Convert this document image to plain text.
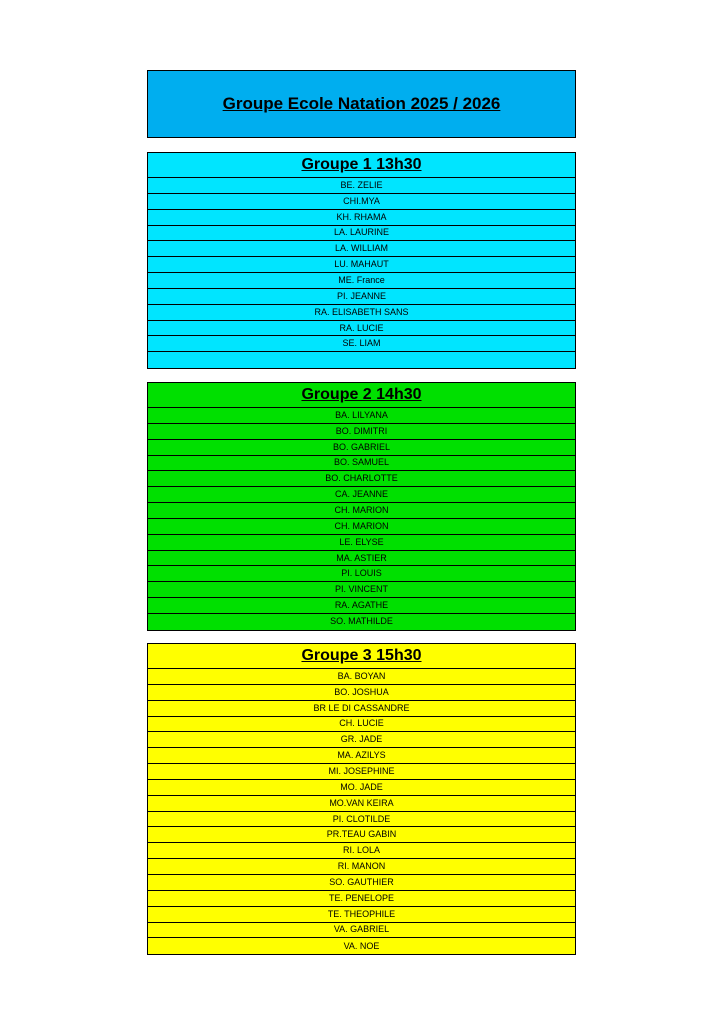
Groupe Ecole Natation 2025 / 2026
Groupe 1 13h30
BE. ZELIE
CHI.MYA
KH. RHAMA
LA. LAURINE
LA. WILLIAM
LU. MAHAUT
ME. France
PI. JEANNE
RA. ELISABETH SANS
RA. LUCIE
SE. LIAM
Groupe 2 14h30
BA. LILYANA
BO. DIMITRI
BO. GABRIEL
BO. SAMUEL
BO. CHARLOTTE
CA. JEANNE
CH. MARION
CH. MARION
LE. ELYSE
MA. ASTIER
PI. LOUIS
PI. VINCENT
RA. AGATHE
SO. MATHILDE
Groupe 3 15h30
BA. BOYAN
BO. JOSHUA
BR LE DI CASSANDRE
CH. LUCIE
GR. JADE
MA. AZILYS
MI. JOSEPHINE
MO. JADE
MO.VAN KEIRA
PI. CLOTILDE
PR.TEAU GABIN
RI. LOLA
RI. MANON
SO. GAUTHIER
TE. PENELOPE
TE. THEOPHILE
VA. GABRIEL
VA. NOE
